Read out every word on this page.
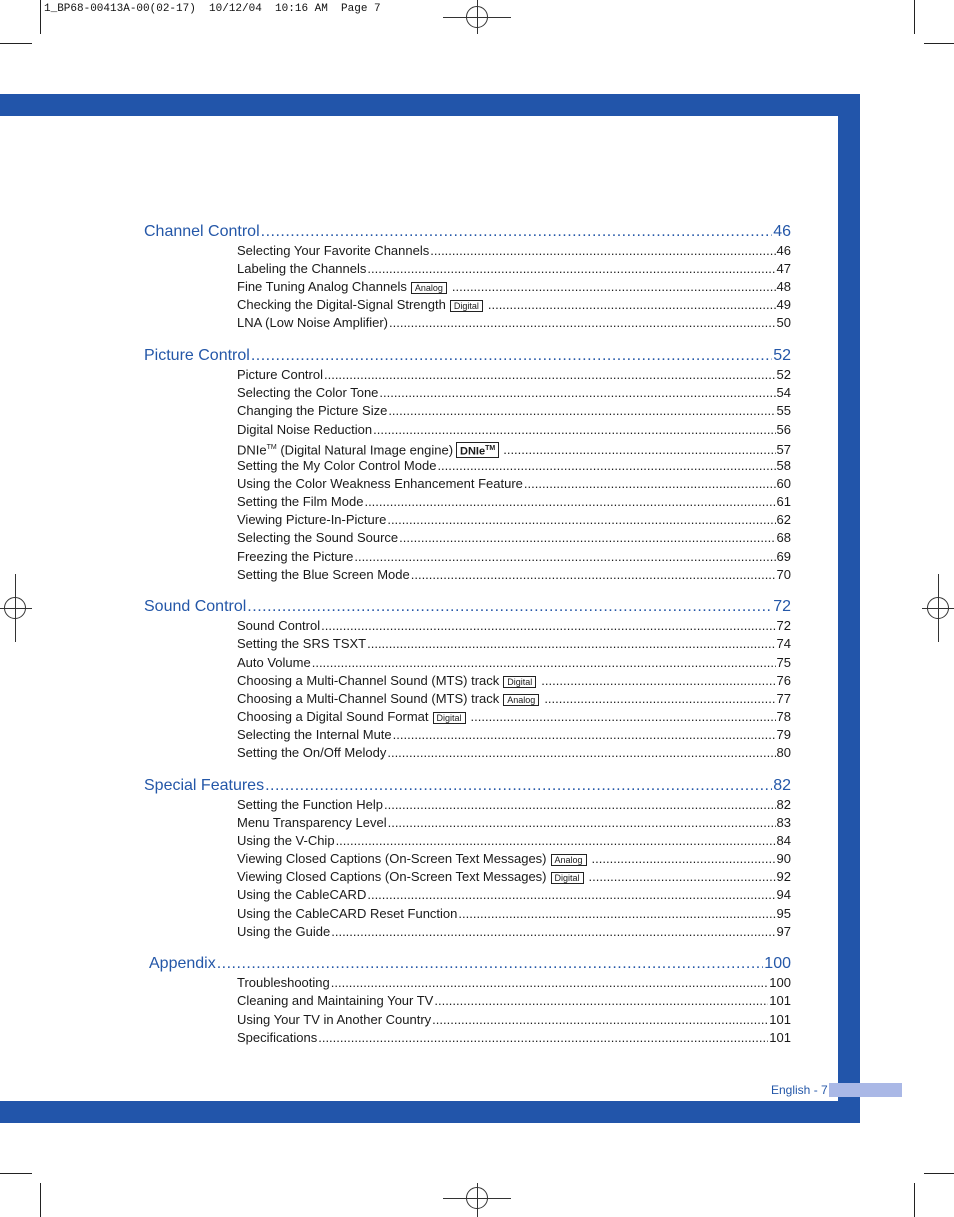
1_BP68-00413A-00(02-17)  10/12/04  10:16 AM  Page 7
Channel Control .....	46
Selecting Your Favorite Channels .....	46
Labeling the Channels .....	47
Fine Tuning Analog Channels Analog .....	48
Checking the Digital-Signal Strength Digital .....	49
LNA (Low Noise Amplifier) .....	50
Picture Control .....	52
Picture Control .....	52
Selecting the Color Tone .....	54
Changing the Picture Size .....	55
Digital Noise Reduction .....	56
DNIe™ (Digital Natural Image engine) DNIe™ .....	57
Setting the My Color Control Mode .....	58
Using the Color Weakness Enhancement Feature .....	60
Setting the Film Mode .....	61
Viewing Picture-In-Picture .....	62
Selecting the Sound Source .....	68
Freezing the Picture .....	69
Setting the Blue Screen Mode .....	70
Sound Control .....	72
Sound Control .....	72
Setting the SRS TSXT .....	74
Auto Volume .....	75
Choosing a Multi-Channel Sound (MTS) track Digital .....	76
Choosing a Multi-Channel Sound (MTS) track Analog .....	77
Choosing a Digital Sound Format Digital .....	78
Selecting the Internal Mute .....	79
Setting the On/Off Melody .....	80
Special Features .....	82
Setting the Function Help .....	82
Menu Transparency Level .....	83
Using the V-Chip .....	84
Viewing Closed Captions (On-Screen Text Messages) Analog .....	90
Viewing Closed Captions (On-Screen Text Messages) Digital .....	92
Using the CableCARD .....	94
Using the CableCARD Reset Function .....	95
Using the Guide .....	97
Appendix .....	100
Troubleshooting .....	100
Cleaning and Maintaining Your TV .....	101
Using Your TV in Another Country .....	101
Specifications .....	101
English - 7
